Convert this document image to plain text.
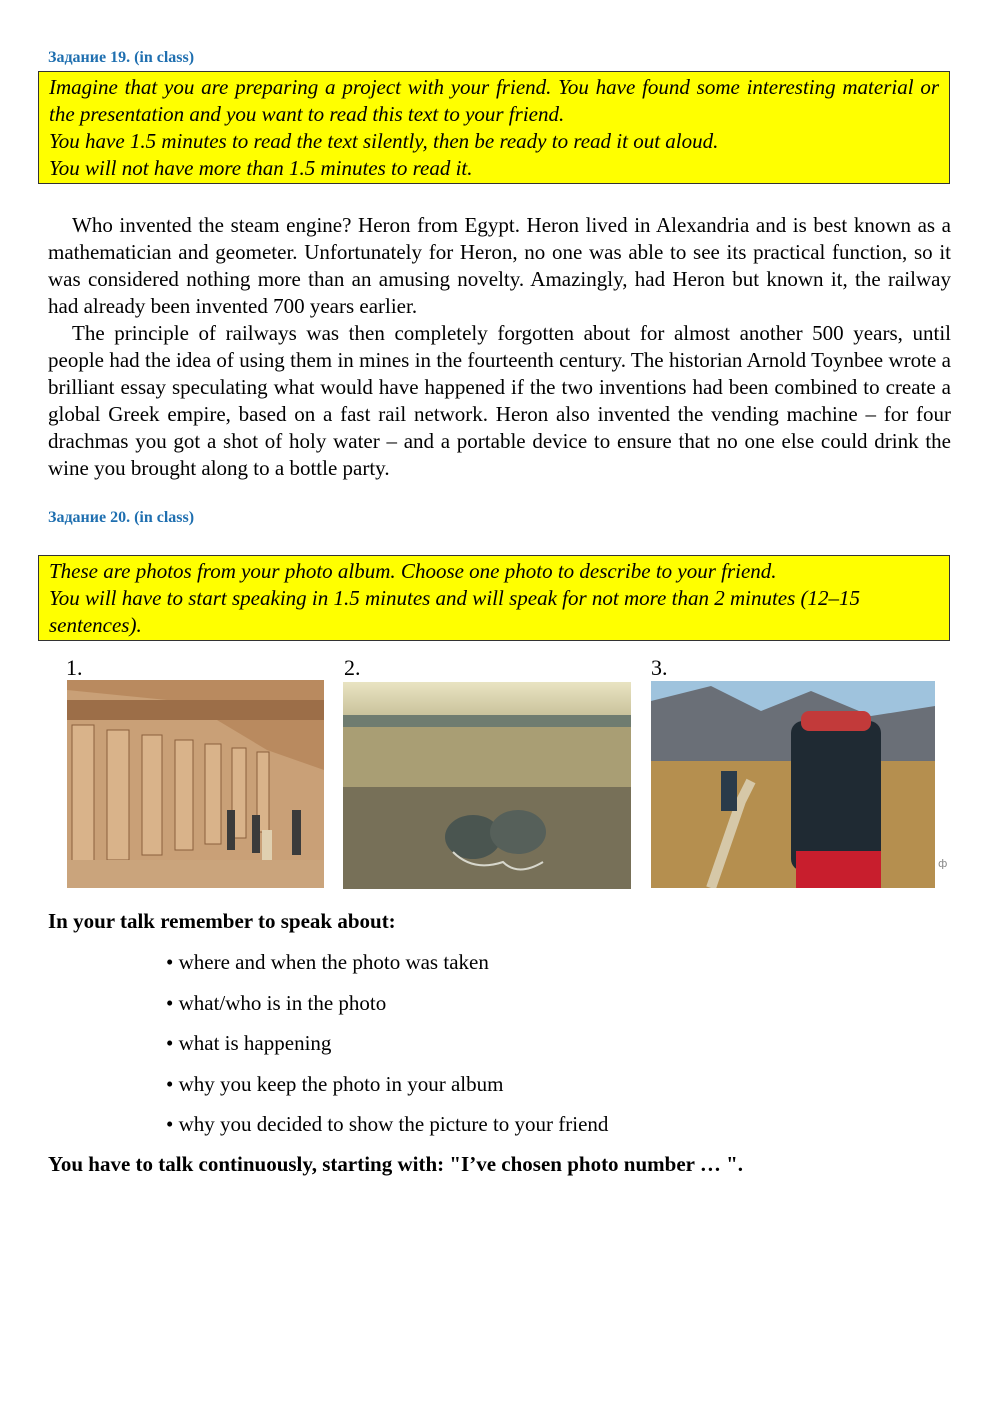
Задание 19. (in class)

Imagine that you are preparing a project with your friend. You have found some interesting material or the presentation and you want to read this text to your friend.

You have 1.5 minutes to read the text silently, then be ready to read it out aloud.

You will not have more than 1.5 minutes to read it.

Who invented the steam engine? Heron from Egypt. Heron lived in Alexandria and is best known as a mathematician and geometer. Unfortunately for Heron, no one was able to see its practical function, so it was considered nothing more than an amusing novelty. Amazingly, had Heron but known it, the railway had already been invented 700 years earlier.

The principle of railways was then completely forgotten about for almost another 500 years, until people had the idea of using them in mines in the fourteenth century. The historian Arnold Toynbee wrote a brilliant essay speculating what would have happened if the two inventions had been combined to create a global Greek empire, based on a fast rail network. Heron also invented the vending machine – for four drachmas you got a shot of holy water – and a portable device to ensure that no one else could drink the wine you brought along to a bottle party.

Задание 20. (in class)

These are photos from your photo album. Choose one photo to describe to your friend.

You will have to start speaking in 1.5 minutes and will speak for not more than 2 minutes (12–15 sentences).

1.	2.	3.
ф

In your talk remember to speak about:

• where and when the photo was taken
• what/who is in the photo
• what is happening
• why you keep the photo in your album
• why you decided to show the picture to your friend

You have to talk continuously, starting with: "I’ve chosen photo number … ".
